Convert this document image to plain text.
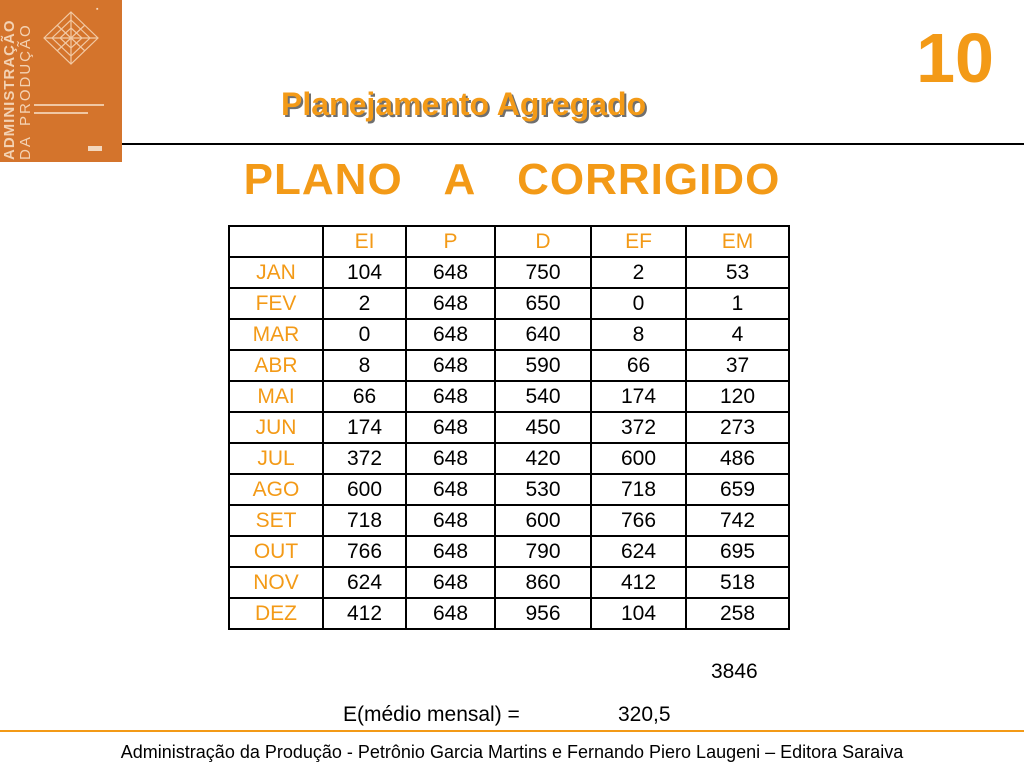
▪
ADMINISTRAÇÃO DA
PRODUÇÃO	10
Planejamento Agregado
PLANO  A  CORRIGIDO
	EI	P	D	EF	EM
JAN	104	648	750	2	53
FEV	2	648	650	0	1
MAR	0	648	640	8	4
ABR	8	648	590	66	37
MAI	66	648	540	174	120
JUN	174	648	450	372	273
JUL	372	648	420	600	486
AGO	600	648	530	718	659
SET	718	648	600	766	742
OUT	766	648	790	624	695
NOV	624	648	860	412	518
DEZ	412	648	956	104	258
3846
E(médio mensal) =	320,5
Administração da Produção - Petrônio Garcia Martins e Fernando Piero Laugeni – Editora Saraiva
